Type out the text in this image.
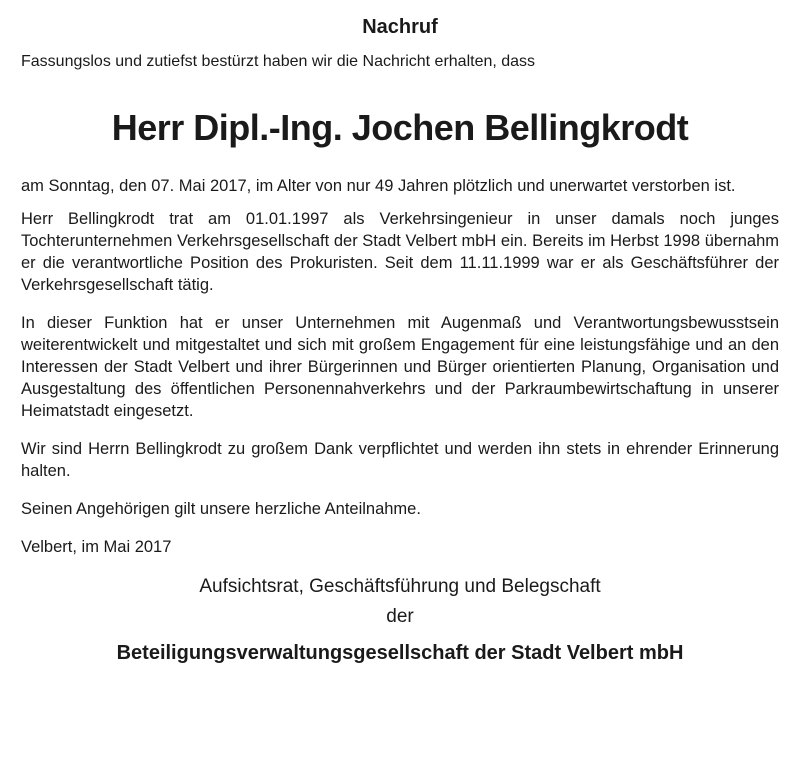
Nachruf

Fassungslos und zutiefst bestürzt haben wir die Nachricht erhalten, dass

Herr Dipl.-Ing. Jochen Bellingkrodt

am Sonntag, den 07. Mai 2017, im Alter von nur 49 Jahren plötzlich und unerwartet verstorben ist.

Herr Bellingkrodt trat am 01.01.1997 als Verkehrsingenieur in unser damals noch junges Tochterunternehmen Verkehrsgesellschaft der Stadt Velbert mbH ein. Bereits im Herbst 1998 übernahm er die verantwortliche Position des Prokuristen. Seit dem 11.11.1999 war er als Geschäftsführer der Verkehrsgesellschaft tätig.

In dieser Funktion hat er unser Unternehmen mit Augenmaß und Verantwortungsbewusstsein weiterentwickelt und mitgestaltet und sich mit großem Engagement für eine leistungsfähige und an den Interessen der Stadt Velbert und ihrer Bürgerinnen und Bürger orientierten Planung, Organisation und Ausgestaltung des öffentlichen Personennahverkehrs und der Parkraumbewirtschaftung in unserer Heimatstadt eingesetzt.

Wir sind Herrn Bellingkrodt zu großem Dank verpflichtet und werden ihn stets in ehrender Erinnerung halten.

Seinen Angehörigen gilt unsere herzliche Anteilnahme.

Velbert, im Mai 2017

Aufsichtsrat, Geschäftsführung und Belegschaft
der
Beteiligungsverwaltungsgesellschaft der Stadt Velbert mbH
